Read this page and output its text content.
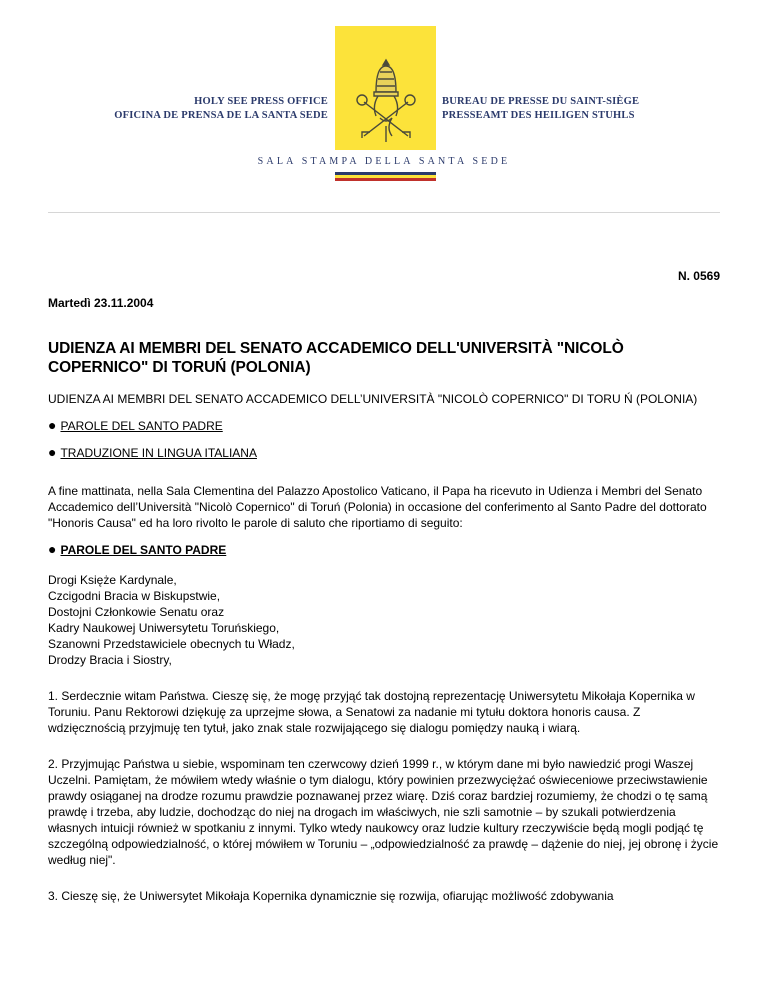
HOLY SEE PRESS OFFICE
OFICINA DE PRENSA DE LA SANTA SEDE
BUREAU DE PRESSE DU SAINT-SIÈGE
PRESSEAMT DES HEILIGEN STUHLS
SALA STAMPA DELLA SANTA SEDE

N. 0569

Martedì 23.11.2004

UDIENZA AI MEMBRI DEL SENATO ACCADEMICO DELL'UNIVERSITÀ "NICOLÒ COPERNICO" DI TORUŃ (POLONIA)

UDIENZA AI MEMBRI DEL SENATO ACCADEMICO DELL’UNIVERSITÀ "NICOLÒ COPERNICO" DI TORU Ń (POLONIA)

● PAROLE DEL SANTO PADRE

● TRADUZIONE IN LINGUA ITALIANA

A fine mattinata, nella Sala Clementina del Palazzo Apostolico Vaticano, il Papa ha ricevuto in Udienza i Membri del Senato Accademico dell’Università "Nicolò Copernico" di Toruń (Polonia) in occasione del conferimento al Santo Padre del dottorato "Honoris Causa" ed ha loro rivolto le parole di saluto che riportiamo di seguito:

● PAROLE DEL SANTO PADRE

Drogi Księże Kardynale,
Czcigodni Bracia w Biskupstwie,
Dostojni Członkowie Senatu oraz
Kadry Naukowej Uniwersytetu Toruńskiego,
Szanowni Przedstawiciele obecnych tu Władz,
Drodzy Bracia i Siostry,

1. Serdecznie witam Państwa. Cieszę się, że mogę przyjąć tak dostojną reprezentację Uniwersytetu Mikołaja Kopernika w Toruniu. Panu Rektorowi dziękuję za uprzejme słowa, a Senatowi za nadanie mi tytułu doktora honoris causa. Z wdzięcznością przyjmuję ten tytuł, jako znak stale rozwijającego się dialogu pomiędzy nauką i wiarą.

2. Przyjmując Państwa u siebie, wspominam ten czerwcowy dzień 1999 r., w którym dane mi było nawiedzić progi Waszej Uczelni. Pamiętam, że mówiłem wtedy właśnie o tym dialogu, który powinien przezwyciężać oświeceniowe przeciwstawienie prawdy osiąganej na drodze rozumu prawdzie poznawanej przez wiarę. Dziś coraz bardziej rozumiemy, że chodzi o tę samą prawdę i trzeba, aby ludzie, dochodząc do niej na drogach im właściwych, nie szli samotnie – by szukali potwierdzenia własnych intuicji również w spotkaniu z innymi. Tylko wtedy naukowcy oraz ludzie kultury rzeczywiście będą mogli podjąć tę szczególną odpowiedzialność, o której mówiłem w Toruniu – „odpowiedzialność za prawdę – dążenie do niej, jej obronę i życie według niej".

3. Cieszę się, że Uniwersytet Mikołaja Kopernika dynamicznie się rozwija, ofiarując możliwość zdobywania
